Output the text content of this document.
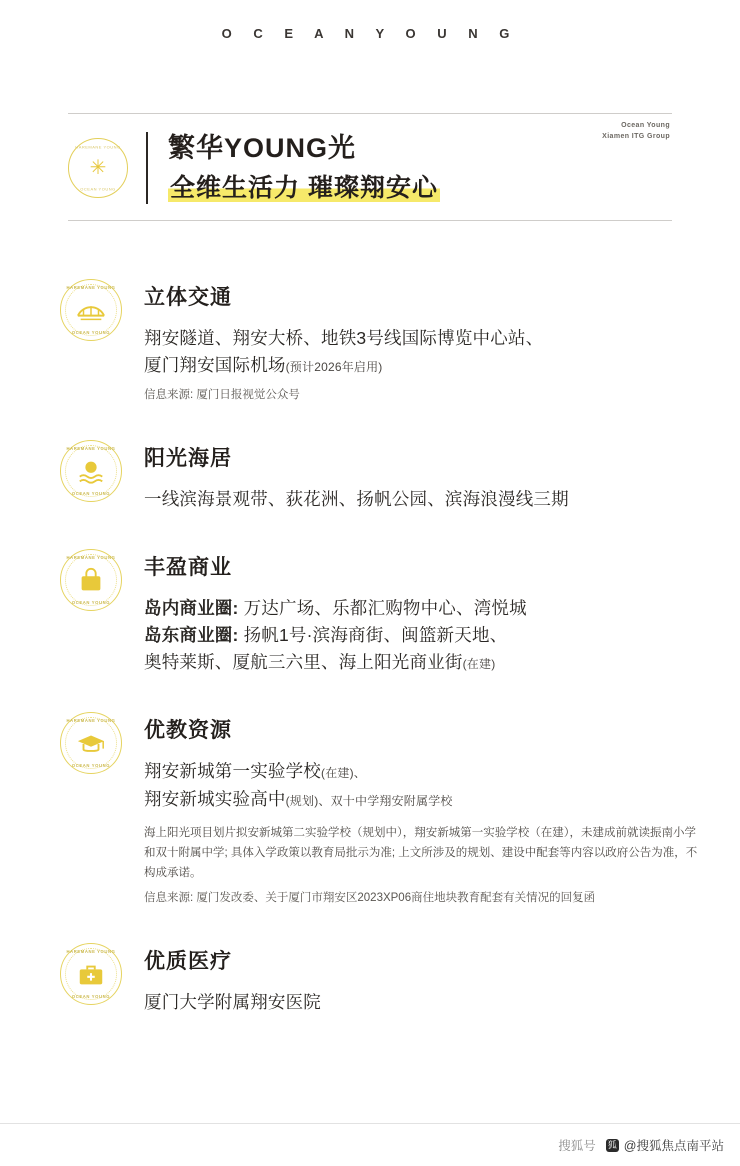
O C E A N Y O U N G
HAREMANE YOUNG
OCEAN YOUNG
✳
繁华YOUNG光
全维生活力 璀璨翔安心
Ocean Young
Xiamen ITG Group
HAREMANE YOUNG
OCEAN YOUNG
立体交通
翔安隧道、翔安大桥、地铁3号线国际博览中心站、
厦门翔安国际机场(预计2026年启用)
信息来源: 厦门日报视觉公众号
HAREMANE YOUNG
OCEAN YOUNG
阳光海居
一线滨海景观带、荻花洲、扬帆公园、滨海浪漫线三期
HAREMANE YOUNG
OCEAN YOUNG
丰盈商业
岛内商业圈: 万达广场、乐都汇购物中心、湾悦城
岛东商业圈: 扬帆1号·滨海商街、闽篮新天地、
奥特莱斯、厦航三六里、海上阳光商业街(在建)
HAREMANE YOUNG
OCEAN YOUNG
优教资源
翔安新城第一实验学校(在建)、
翔安新城实验高中(规划)、双十中学翔安附属学校
海上阳光项目划片拟安新城第二实验学校（规划中），翔安新城第一实验学校（在建），未建成前就读振南小学和双十附属中学; 具体入学政策以教育局批示为准; 上文所涉及的规划、建设中配套等内容以政府公告为准，不构成承诺。
信息来源: 厦门发改委、关于厦门市翔安区2023XP06商住地块教育配套有关情况的回复函
HAREMANE YOUNG
OCEAN YOUNG
优质医疗
厦门大学附属翔安医院
搜狐号 狐 @搜狐焦点南平站
